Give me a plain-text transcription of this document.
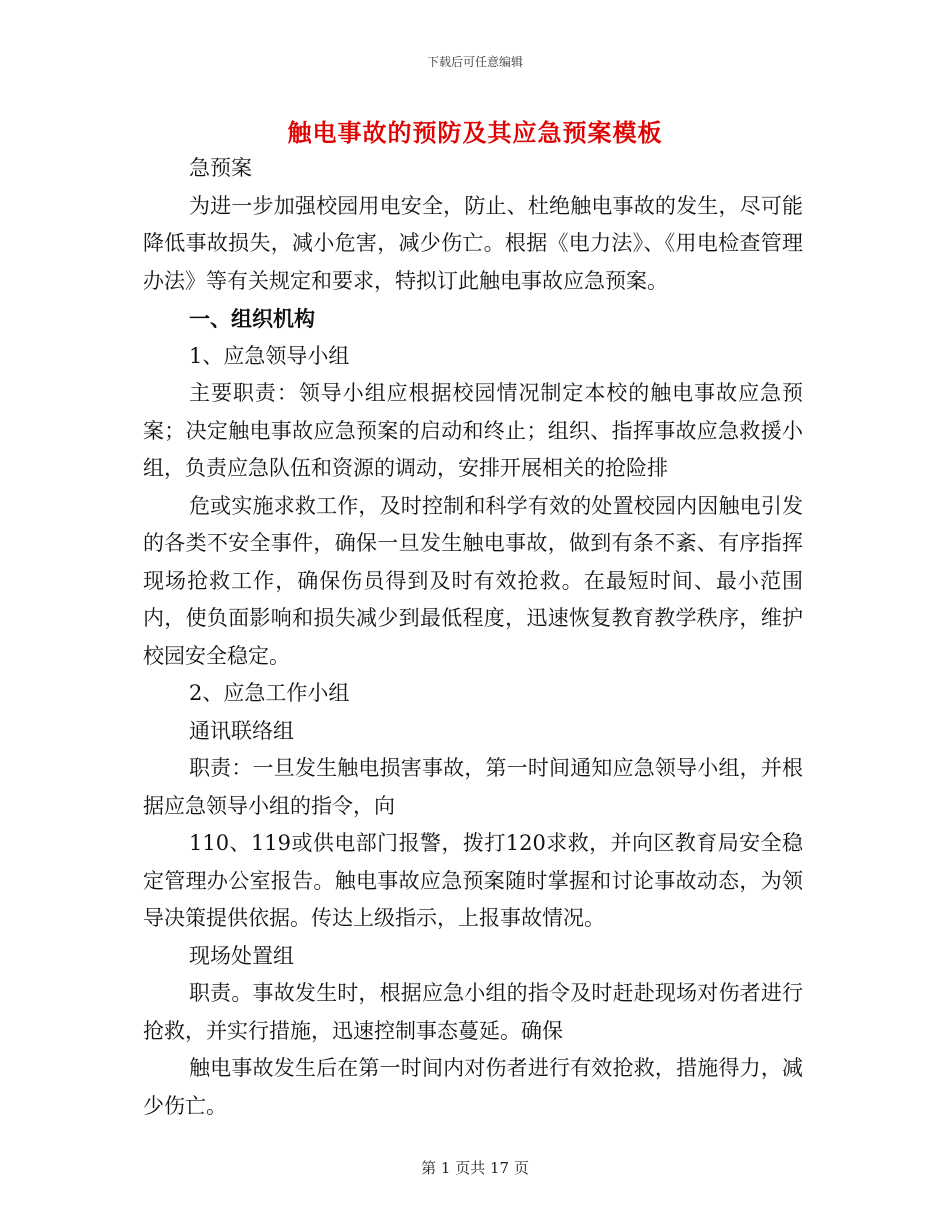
下载后可任意编辑
触电事故的预防及其应急预案模板

急预案

为进一步加强校园用电安全，防止、杜绝触电事故的发生，尽可能降低事故损失，减小危害，减少伤亡。根据《电力法》、《用电检查管理办法》等有关规定和要求，特拟订此触电事故应急预案。

一、组织机构

1、应急领导小组

主要职责：领导小组应根据校园情况制定本校的触电事故应急预案；决定触电事故应急预案的启动和终止；组织、指挥事故应急救援小组，负责应急队伍和资源的调动，安排开展相关的抢险排

危或实施求救工作，及时控制和科学有效的处置校园内因触电引发的各类不安全事件，确保一旦发生触电事故，做到有条不紊、有序指挥现场抢救工作，确保伤员得到及时有效抢救。在最短时间、最小范围内，使负面影响和损失减少到最低程度，迅速恢复教育教学秩序，维护校园安全稳定。

2、应急工作小组

通讯联络组

职责：一旦发生触电损害事故，第一时间通知应急领导小组，并根据应急领导小组的指令，向

110、119或供电部门报警，拨打120求救，并向区教育局安全稳定管理办公室报告。触电事故应急预案随时掌握和讨论事故动态，为领导决策提供依据。传达上级指示，上报事故情况。

现场处置组

职责。事故发生时，根据应急小组的指令及时赶赴现场对伤者进行抢救，并实行措施，迅速控制事态蔓延。确保

触电事故发生后在第一时间内对伤者进行有效抢救，措施得力，减少伤亡。

第 1 页共 17 页
